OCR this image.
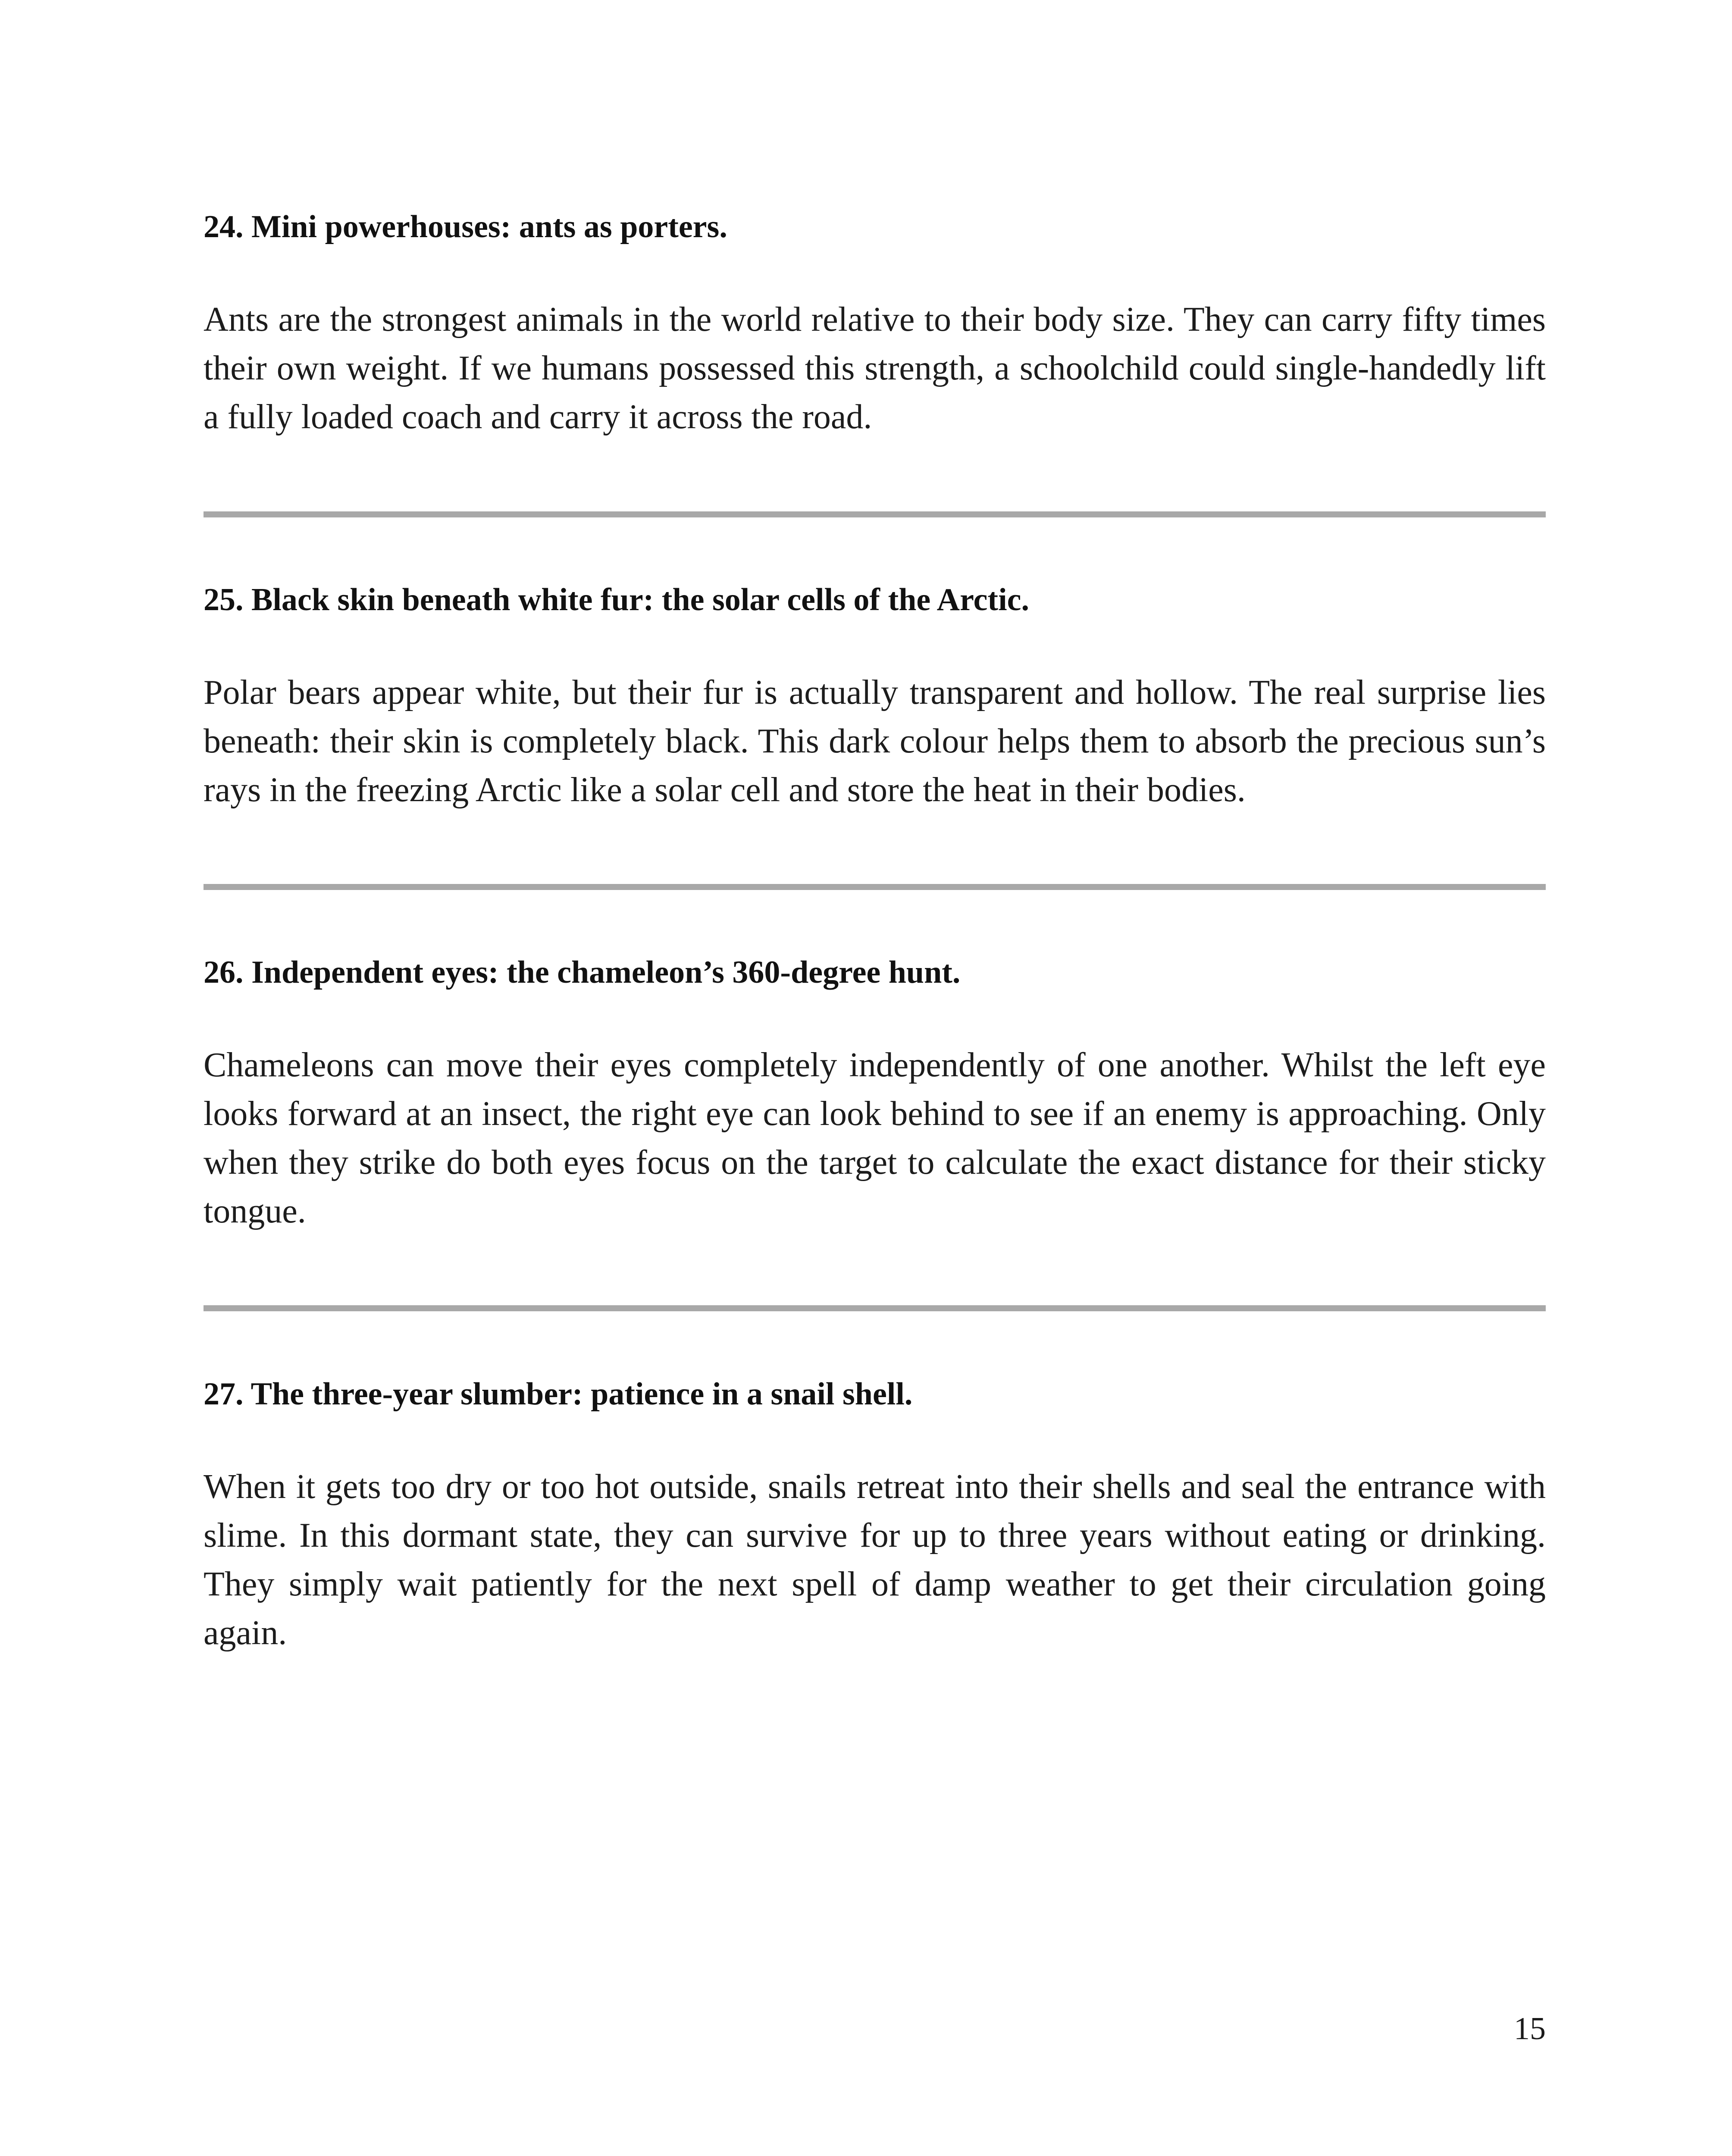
24. Mini powerhouses: ants as porters.

Ants are the strongest animals in the world relative to their body size. They can carry fifty times their own weight. If we humans possessed this strength, a schoolchild could single-handedly lift a fully loaded coach and carry it across the road.

25. Black skin beneath white fur: the solar cells of the Arctic.

Polar bears appear white, but their fur is actually transparent and hollow. The real surprise lies beneath: their skin is completely black. This dark colour helps them to absorb the precious sun’s rays in the freezing Arctic like a solar cell and store the heat in their bodies.

26. Independent eyes: the chameleon’s 360-degree hunt.

Chameleons can move their eyes completely independently of one another. Whilst the left eye looks forward at an insect, the right eye can look behind to see if an enemy is approaching. Only when they strike do both eyes focus on the target to calculate the exact distance for their sticky tongue.

27. The three-year slumber: patience in a snail shell.

When it gets too dry or too hot outside, snails retreat into their shells and seal the entrance with slime. In this dormant state, they can survive for up to three years without eating or drinking. They simply wait patiently for the next spell of damp weather to get their circulation going again.

15
